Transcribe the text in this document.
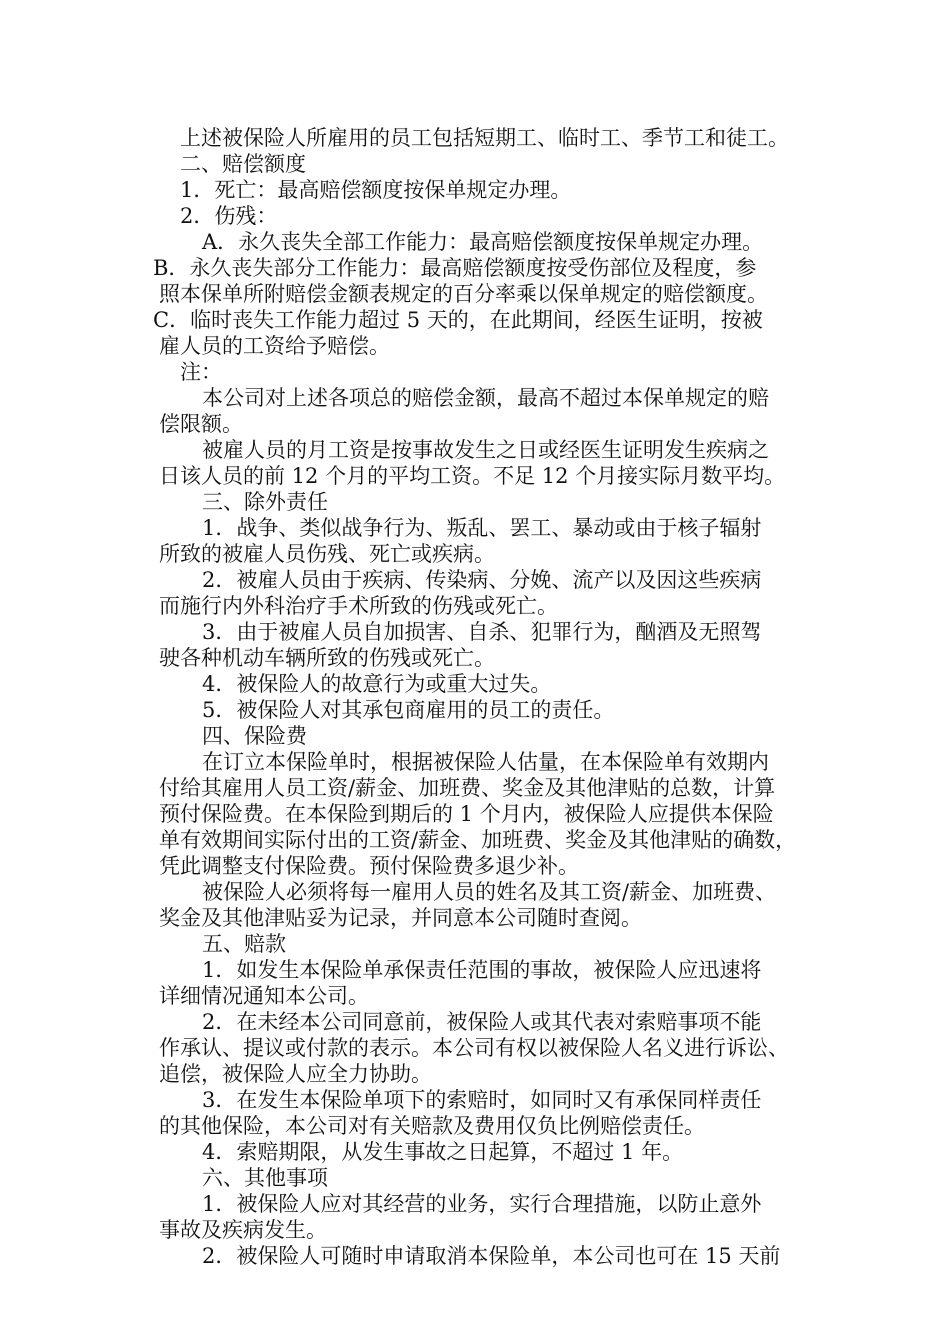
上述被保险人所雇用的员工包括短期工、临时工、季节工和徒工。

二、赔偿额度

1．死亡：最高赔偿额度按保单规定办理。

2．伤残：

A．永久丧失全部工作能力：最高赔偿额度按保单规定办理。

B．永久丧失部分工作能力：最高赔偿额度按受伤部位及程度，参

照本保单所附赔偿金额表规定的百分率乘以保单规定的赔偿额度。

C．临时丧失工作能力超过 5 天的，在此期间，经医生证明，按被

雇人员的工资给予赔偿。

注：

本公司对上述各项总的赔偿金额，最高不超过本保单规定的赔

偿限额。

被雇人员的月工资是按事故发生之日或经医生证明发生疾病之

日该人员的前 12 个月的平均工资。不足 12 个月接实际月数平均。

三、除外责任

1．战争、类似战争行为、叛乱、罢工、暴动或由于核子辐射

所致的被雇人员伤残、死亡或疾病。

2．被雇人员由于疾病、传染病、分娩、流产以及因这些疾病

而施行内外科治疗手术所致的伤残或死亡。

3．由于被雇人员自加损害、自杀、犯罪行为，酗酒及无照驾

驶各种机动车辆所致的伤残或死亡。

4．被保险人的故意行为或重大过失。

5．被保险人对其承包商雇用的员工的责任。

四、保险费

在订立本保险单时，根据被保险人估量，在本保险单有效期内

付给其雇用人员工资/薪金、加班费、奖金及其他津贴的总数，计算

预付保险费。在本保险到期后的 1 个月内，被保险人应提供本保险

单有效期间实际付出的工资/薪金、加班费、奖金及其他津贴的确数，

凭此调整支付保险费。预付保险费多退少补。

被保险人必须将每一雇用人员的姓名及其工资/薪金、加班费、

奖金及其他津贴妥为记录，并同意本公司随时查阅。

五、赔款

1．如发生本保险单承保责任范围的事故，被保险人应迅速将

详细情况通知本公司。

2．在未经本公司同意前，被保险人或其代表对索赔事项不能

作承认、提议或付款的表示。本公司有权以被保险人名义进行诉讼、

追偿，被保险人应全力协助。

3．在发生本保险单项下的索赔时，如同时又有承保同样责任

的其他保险，本公司对有关赔款及费用仅负比例赔偿责任。

4．索赔期限，从发生事故之日起算，不超过 1 年。

六、其他事项

1．被保险人应对其经营的业务，实行合理措施，以防止意外

事故及疾病发生。

2．被保险人可随时申请取消本保险单，本公司也可在 15 天前
